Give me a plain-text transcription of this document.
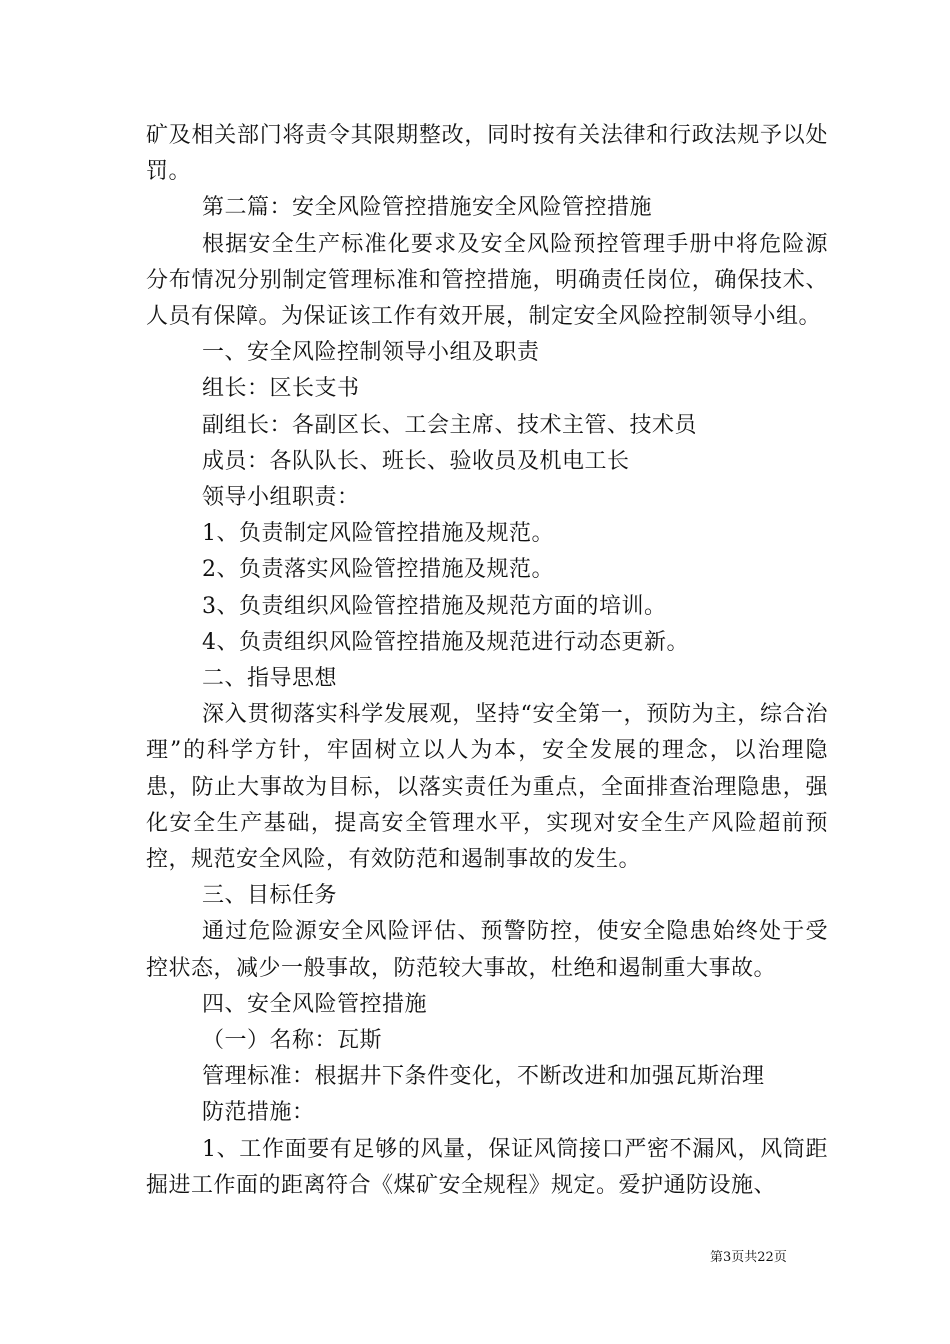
矿及相关部门将责令其限期整改，同时按有关法律和行政法规予以处罚。

第二篇：安全风险管控措施安全风险管控措施

根据安全生产标准化要求及安全风险预控管理手册中将危险源分布情况分别制定管理标准和管控措施，明确责任岗位，确保技术、人员有保障。为保证该工作有效开展，制定安全风险控制领导小组。

一、安全风险控制领导小组及职责

组长：区长支书

副组长：各副区长、工会主席、技术主管、技术员

成员：各队队长、班长、验收员及机电工长

领导小组职责：

1、负责制定风险管控措施及规范。

2、负责落实风险管控措施及规范。

3、负责组织风险管控措施及规范方面的培训。

4、负责组织风险管控措施及规范进行动态更新。

二、指导思想

深入贯彻落实科学发展观，坚持“安全第一，预防为主，综合治理”的科学方针，牢固树立以人为本，安全发展的理念，以治理隐患，防止大事故为目标，以落实责任为重点，全面排查治理隐患，强化安全生产基础，提高安全管理水平，实现对安全生产风险超前预控，规范安全风险，有效防范和遏制事故的发生。

三、目标任务

通过危险源安全风险评估、预警防控，使安全隐患始终处于受控状态，减少一般事故，防范较大事故，杜绝和遏制重大事故。

四、安全风险管控措施

（一）名称：瓦斯

管理标准：根据井下条件变化，不断改进和加强瓦斯治理

防范措施：

1、工作面要有足够的风量，保证风筒接口严密不漏风，风筒距掘进工作面的距离符合《煤矿安全规程》规定。爱护通防设施、

第3页共22页
